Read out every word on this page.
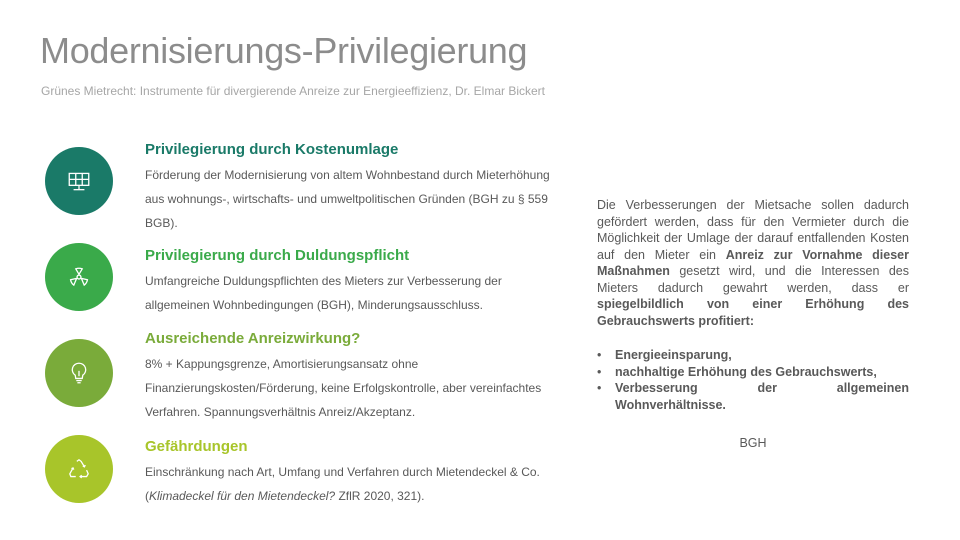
Modernisierungs-Privilegierung
Grünes Mietrecht: Instrumente für divergierende Anreize zur Energieeffizienz, Dr. Elmar Bickert
Privilegierung durch Kostenumlage

Förderung der Modernisierung von altem Wohnbestand durch Mieterhöhung aus wohnungs-, wirtschafts- und umweltpolitischen Gründen (BGH zu § 559 BGB).

Privilegierung durch Duldungspflicht

Umfangreiche Duldungspflichten des Mieters zur Verbesserung der allgemeinen Wohnbedingungen (BGH), Minderungsausschluss.

Ausreichende Anreizwirkung?

8% + Kappungsgrenze, Amortisierungsansatz ohne Finanzierungskosten/Förderung, keine Erfolgskontrolle, aber vereinfachtes Verfahren. Spannungsverhältnis Anreiz/Akzeptanz.

Gefährdungen

Einschränkung nach Art, Umfang und Verfahren durch Mietendeckel & Co. (Klimadeckel für den Mietendeckel? ZflR 2020, 321).

Die Verbesserungen der Mietsache sollen dadurch gefördert werden, dass für den Vermieter durch die Möglichkeit der Umlage der darauf entfallenden Kosten auf den Mieter ein Anreiz zur Vornahme dieser Maßnahmen gesetzt wird, und die Interessen des Mieters dadurch gewahrt werden, dass er spiegelbildlich von einer Erhöhung des Gebrauchswerts profitiert:

• Energieeinsparung,
• nachhaltige Erhöhung des Gebrauchswerts,
• Verbesserung der allgemeinen Wohnverhältnisse.
BGH
